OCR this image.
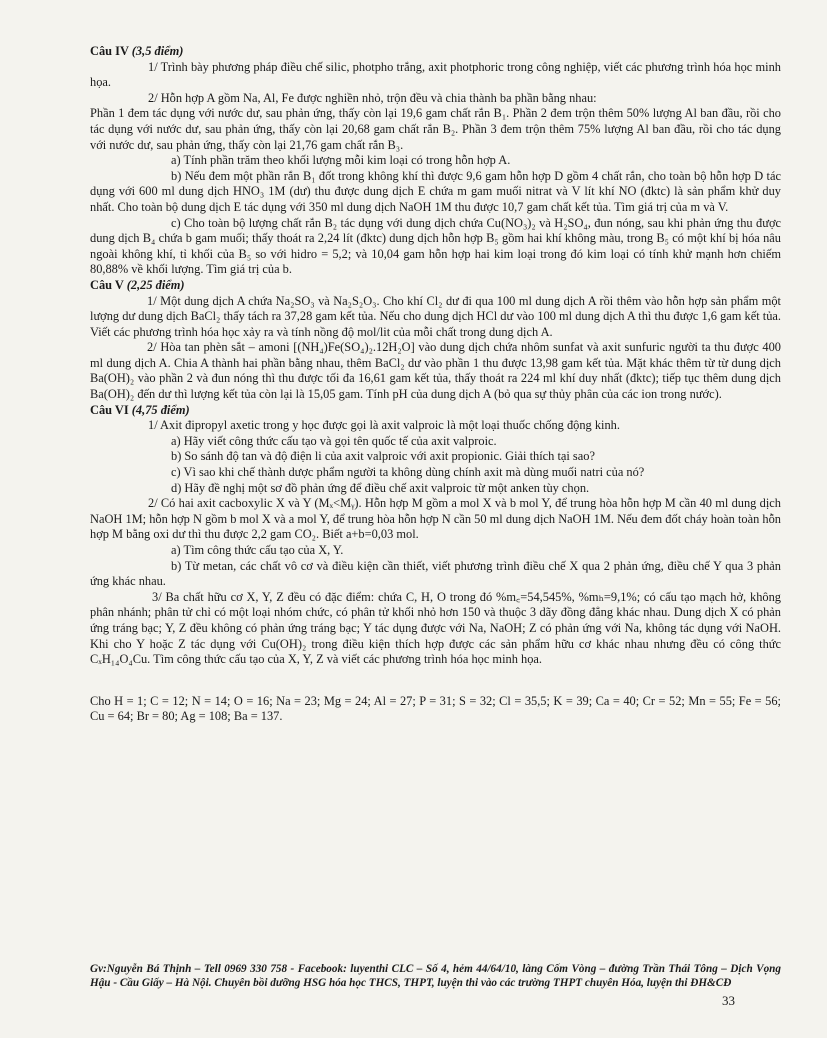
Câu IV (3,5 điểm)

1/ Trình bày phương pháp điều chế silic, photpho trắng, axit photphoric trong công nghiệp, viết các phương trình hóa học minh họa.

2/ Hỗn hợp A gồm Na, Al, Fe được nghiền nhỏ, trộn đều và chia thành ba phần bằng nhau:

Phần 1 đem tác dụng với nước dư, sau phản ứng, thấy còn lại 19,6 gam chất rắn B₁. Phần 2 đem trộn thêm 50% lượng Al ban đầu, rồi cho tác dụng với nước dư, sau phản ứng, thấy còn lại 20,68 gam chất rắn B₂. Phần 3 đem trộn thêm 75% lượng Al ban đầu, rồi cho tác dụng với nước dư, sau phản ứng, thấy còn lại 21,76 gam chất rắn B₃.

a) Tính phần trăm theo khối lượng mỗi kim loại có trong hỗn hợp A.

b) Nếu đem một phần rắn B₁ đốt trong không khí thì được 9,6 gam hỗn hợp D gồm 4 chất rắn, cho toàn bộ hỗn hợp D tác dụng với 600 ml dung dịch HNO₃ 1M (dư) thu được dung dịch E chứa m gam muối nitrat và V lít khí NO (đktc) là sản phẩm khử duy nhất. Cho toàn bộ dung dịch E tác dụng với 350 ml dung dịch NaOH 1M thu được 10,7 gam chất kết tủa. Tìm giá trị của m và V.

c) Cho toàn bộ lượng chất rắn B₂ tác dụng với dung dịch chứa Cu(NO₃)₂ và H₂SO₄, đun nóng, sau khi phản ứng thu được dung dịch B₄ chứa b gam muối; thấy thoát ra 2,24 lít (đktc) dung dịch hỗn hợp B₅ gồm hai khí không màu, trong B₅ có một khí bị hóa nâu ngoài không khí, tỉ khối của B₅ so với hidro = 5,2; và 10,04 gam hỗn hợp hai kim loại trong đó kim loại có tính khử mạnh hơn chiếm 80,88% về khối lượng. Tìm giá trị của b.

Câu V (2,25 điểm)

1/ Một dung dịch A chứa Na₂SO₃ và Na₂S₂O₃. Cho khí Cl₂ dư đi qua 100 ml dung dịch A rồi thêm vào hỗn hợp sản phẩm một lượng dư dung dịch BaCl₂ thấy tách ra 37,28 gam kết tủa. Nếu cho dung dịch HCl dư vào 100 ml dung dịch A thì thu được 1,6 gam kết tủa. Viết các phương trình hóa học xảy ra và tính nồng độ mol/lit của mỗi chất trong dung dịch A.

2/ Hòa tan phèn sắt – amoni [(NH₄)Fe(SO₄)₂.12H₂O] vào dung dịch chứa nhôm sunfat và axit sunfuric người ta thu được 400 ml dung dịch A. Chia A thành hai phần bằng nhau, thêm BaCl₂ dư vào phần 1 thu được 13,98 gam kết tủa. Mặt khác thêm từ từ dung dịch Ba(OH)₂ vào phần 2 và đun nóng thì thu được tối đa 16,61 gam kết tủa, thấy thoát ra 224 ml khí duy nhất (đktc); tiếp tục thêm dung dịch Ba(OH)₂ đến dư thì lượng kết tủa còn lại là 15,05 gam. Tính pH của dung dịch A (bỏ qua sự thủy phân của các ion trong nước).

Câu VI (4,75 điểm)

1/ Axit đipropyl axetic trong y học được gọi là axit valproic là một loại thuốc chống động kinh.

a) Hãy viết công thức cấu tạo và gọi tên quốc tế của axit valproic.

b) So sánh độ tan và độ điện li của axit valproic với axit propionic. Giải thích tại sao?

c) Vì sao khi chế thành dược phẩm người ta không dùng chính axit mà dùng muối natri của nó?

d) Hãy đề nghị một sơ đồ phản ứng để điều chế axit valproic từ một anken tùy chọn.

2/ Có hai axit cacboxylic X và Y (Mₓ<Mᵧ). Hỗn hợp M gồm a mol X và b mol Y, để trung hòa hỗn hợp M cần 40 ml dung dịch NaOH 1M; hỗn hợp N gồm b mol X và a mol Y, để trung hòa hỗn hợp N cần 50 ml dung dịch NaOH 1M. Nếu đem đốt cháy hoàn toàn hỗn hợp M bằng oxi dư thì thu được 2,2 gam CO₂. Biết a+b=0,03 mol.

a) Tìm công thức cấu tạo của X, Y.

b) Từ metan, các chất vô cơ và điều kiện cần thiết, viết phương trình điều chế X qua 2 phản ứng, điều chế Y qua 3 phản ứng khác nhau.

3/ Ba chất hữu cơ X, Y, Z đều có đặc điểm: chứa C, H, O trong đó %m꜀=54,545%, %mₕ=9,1%; có cấu tạo mạch hở, không phân nhánh; phân tử chỉ có một loại nhóm chức, có phân tử khối nhỏ hơn 150 và thuộc 3 dãy đồng đẳng khác nhau. Dung dịch X có phản ứng tráng bạc; Y, Z đều không có phản ứng tráng bạc; Y tác dụng được với Na, NaOH; Z có phản ứng với Na, không tác dụng với NaOH. Khi cho Y hoặc Z tác dụng với Cu(OH)₂ trong điều kiện thích hợp được các sản phẩm hữu cơ khác nhau nhưng đều có công thức CₓH₁₄O₄Cu. Tìm công thức cấu tạo của X, Y, Z và viết các phương trình hóa học minh họa.

Cho H = 1; C = 12; N = 14; O = 16; Na = 23; Mg = 24; Al = 27; P = 31; S = 32; Cl = 35,5; K = 39; Ca = 40; Cr = 52; Mn = 55; Fe = 56; Cu = 64; Br = 80; Ag = 108; Ba = 137.

Gv:Nguyễn Bá Thịnh – Tell 0969 330 758 - Facebook: luyenthi CLC – Số 4, hẻm 44/64/10, làng Cốm Vòng – đường Trần Thái Tông – Dịch Vọng Hậu - Cầu Giấy – Hà Nội. Chuyên bồi dưỡng HSG hóa học THCS, THPT, luyện thi vào các trường THPT chuyên Hóa, luyện thi ĐH&CĐ
33
